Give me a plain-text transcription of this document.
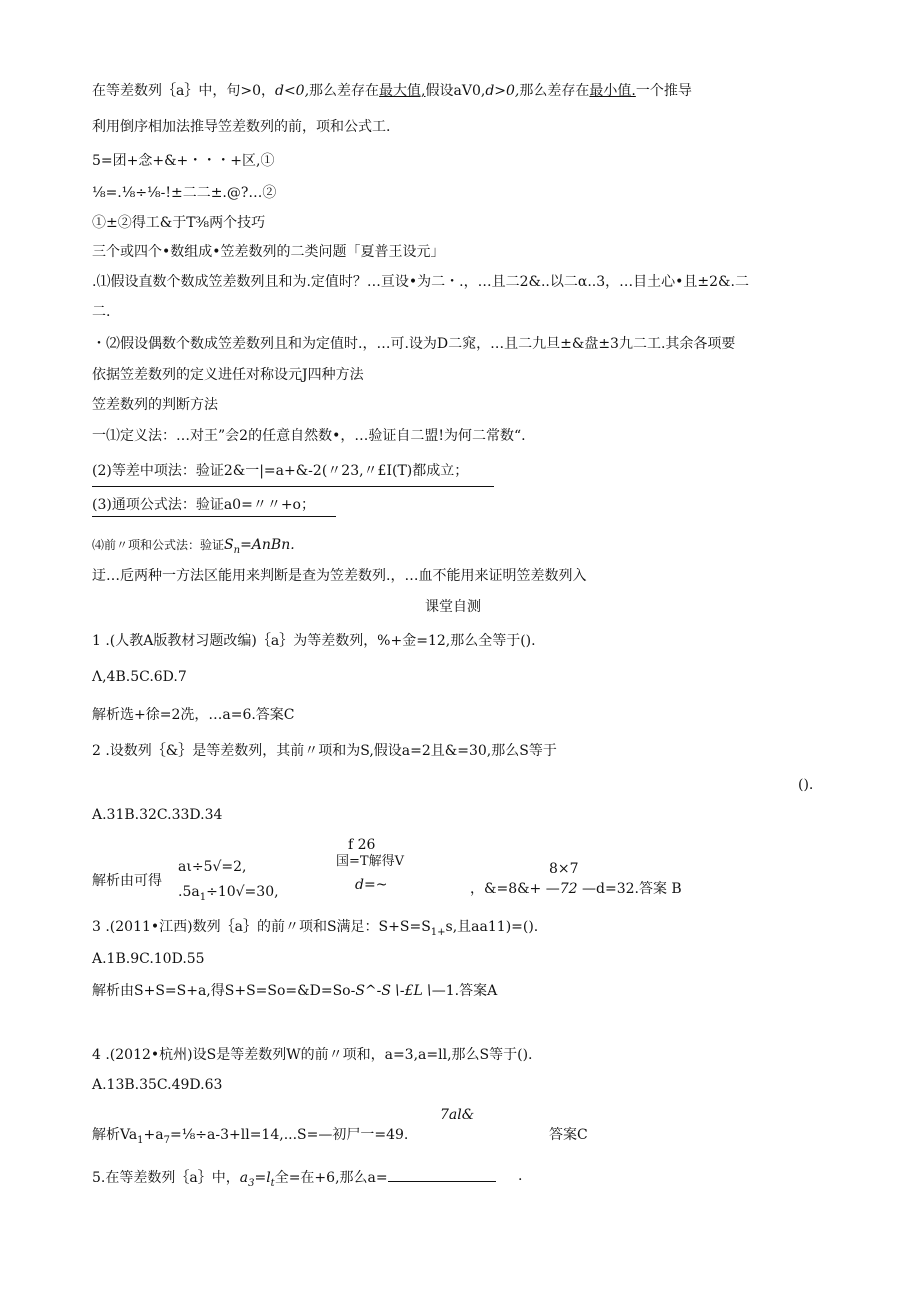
在等差数列｛a｝中，句>0，d<0,那么差存在最大值,假设aV0,d>0,那么差存在最小值.一个推导
利用倒序相加法推导笠差数列的前，项和公式工.
5=团+念+&+・・・+区,①
⅛=.⅛÷⅛-!±二二±.@?…②
①±②得工&于T⅜两个技巧
三个或四个•数组成•笠差数列的二类问题「夏普王设元」
.⑴假设直数个数成笠差数列且和为.定值时？…亘设•为二・.，…且二2&..以二α..3，…目土心•且±2&.二
二.
・⑵假设偶数个数成笠差数列且和为定值时.，…可.设为D二窕，…且二九旦±&盘±3九二工.其余各项要
依据笠差数列的定义进任对称设元J四种方法
笠差数列的判断方法
一⑴定义法：…对王”会2的任意自然数•，…验证自二盟!为何二常数“.
(2)等差中项法：验证2&一|=a+&-2(〃23,〃£I(T)都成立；
(3)通项公式法：验证a0=〃〃+o；
⑷前〃项和公式法：验证$S_n=AnBn$.
迂…卮两种一方法区能用来判断是查为笠差数列.，…血不能用来证明笠差数列入
课堂自测
1 .(人教A版教材习题改编)｛a｝为等差数列，%+金=12,那么全等于().
Λ,4B.5C.6D.7
解析选+徐=2冼，…a=6.答案C
2 .设数列｛&｝是等差数列，其前〃项和为S,假设a=2且&=30,那么S等于
().
A.31B.32C.33D.34
f 26
国=T解得V	8×7
aι÷5√=2,
d=~
解析由可得
$.5a_1\div 10√=30$,	，&=8&+ —72 —d=32.答案 B
3 .(2011•江西)数列｛a｝的前〃项和S满足：$S+S=S_{1+}s$,且aa11)=().
A.1B.9C.10D.55
解析由S+S=S+a,得S+S=So=&D=So-S^-S∖-£L∖—1.答案A
4 .(2012•杭州)设S是等差数列W的前〃项和，a=3,a=ll,那么S等于().
A.13B.35C.49D.63
7al&
解析$Va_1+a_7=\frac{1}{8}\div a-3+ll=14,...S=—$初尸一=49.	答案C
5.在等差数列｛a｝中，$a_3=l_t$全=在+6,那么a=	.
